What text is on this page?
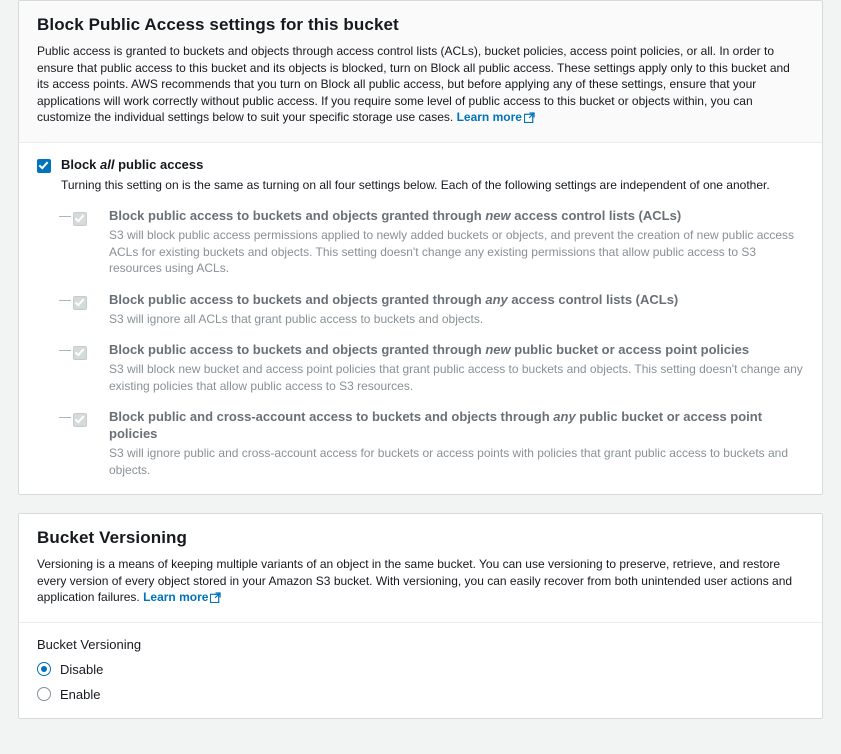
Block Public Access settings for this bucket

Public access is granted to buckets and objects through access control lists (ACLs), bucket policies, access point policies, or all. In order to ensure that public access to this bucket and its objects is blocked, turn on Block all public access. These settings apply only to this bucket and its access points. AWS recommends that you turn on Block all public access, but before applying any of these settings, ensure that your applications will work correctly without public access. If you require some level of public access to this bucket or objects within, you can customize the individual settings below to suit your specific storage use cases. Learn more

Block all public access
Turning this setting on is the same as turning on all four settings below. Each of the following settings are independent of one another.
Block public access to buckets and objects granted through new access control lists (ACLs)
S3 will block public access permissions applied to newly added buckets or objects, and prevent the creation of new public access ACLs for existing buckets and objects. This setting doesn't change any existing permissions that allow public access to S3 resources using ACLs.
Block public access to buckets and objects granted through any access control lists (ACLs)
S3 will ignore all ACLs that grant public access to buckets and objects.
Block public access to buckets and objects granted through new public bucket or access point policies
S3 will block new bucket and access point policies that grant public access to buckets and objects. This setting doesn't change any existing policies that allow public access to S3 resources.
Block public and cross-account access to buckets and objects through any public bucket or access point policies
S3 will ignore public and cross-account access for buckets or access points with policies that grant public access to buckets and objects.
Bucket Versioning

Versioning is a means of keeping multiple variants of an object in the same bucket. You can use versioning to preserve, retrieve, and restore every version of every object stored in your Amazon S3 bucket. With versioning, you can easily recover from both unintended user actions and application failures. Learn more

Bucket Versioning
Disable
Enable
